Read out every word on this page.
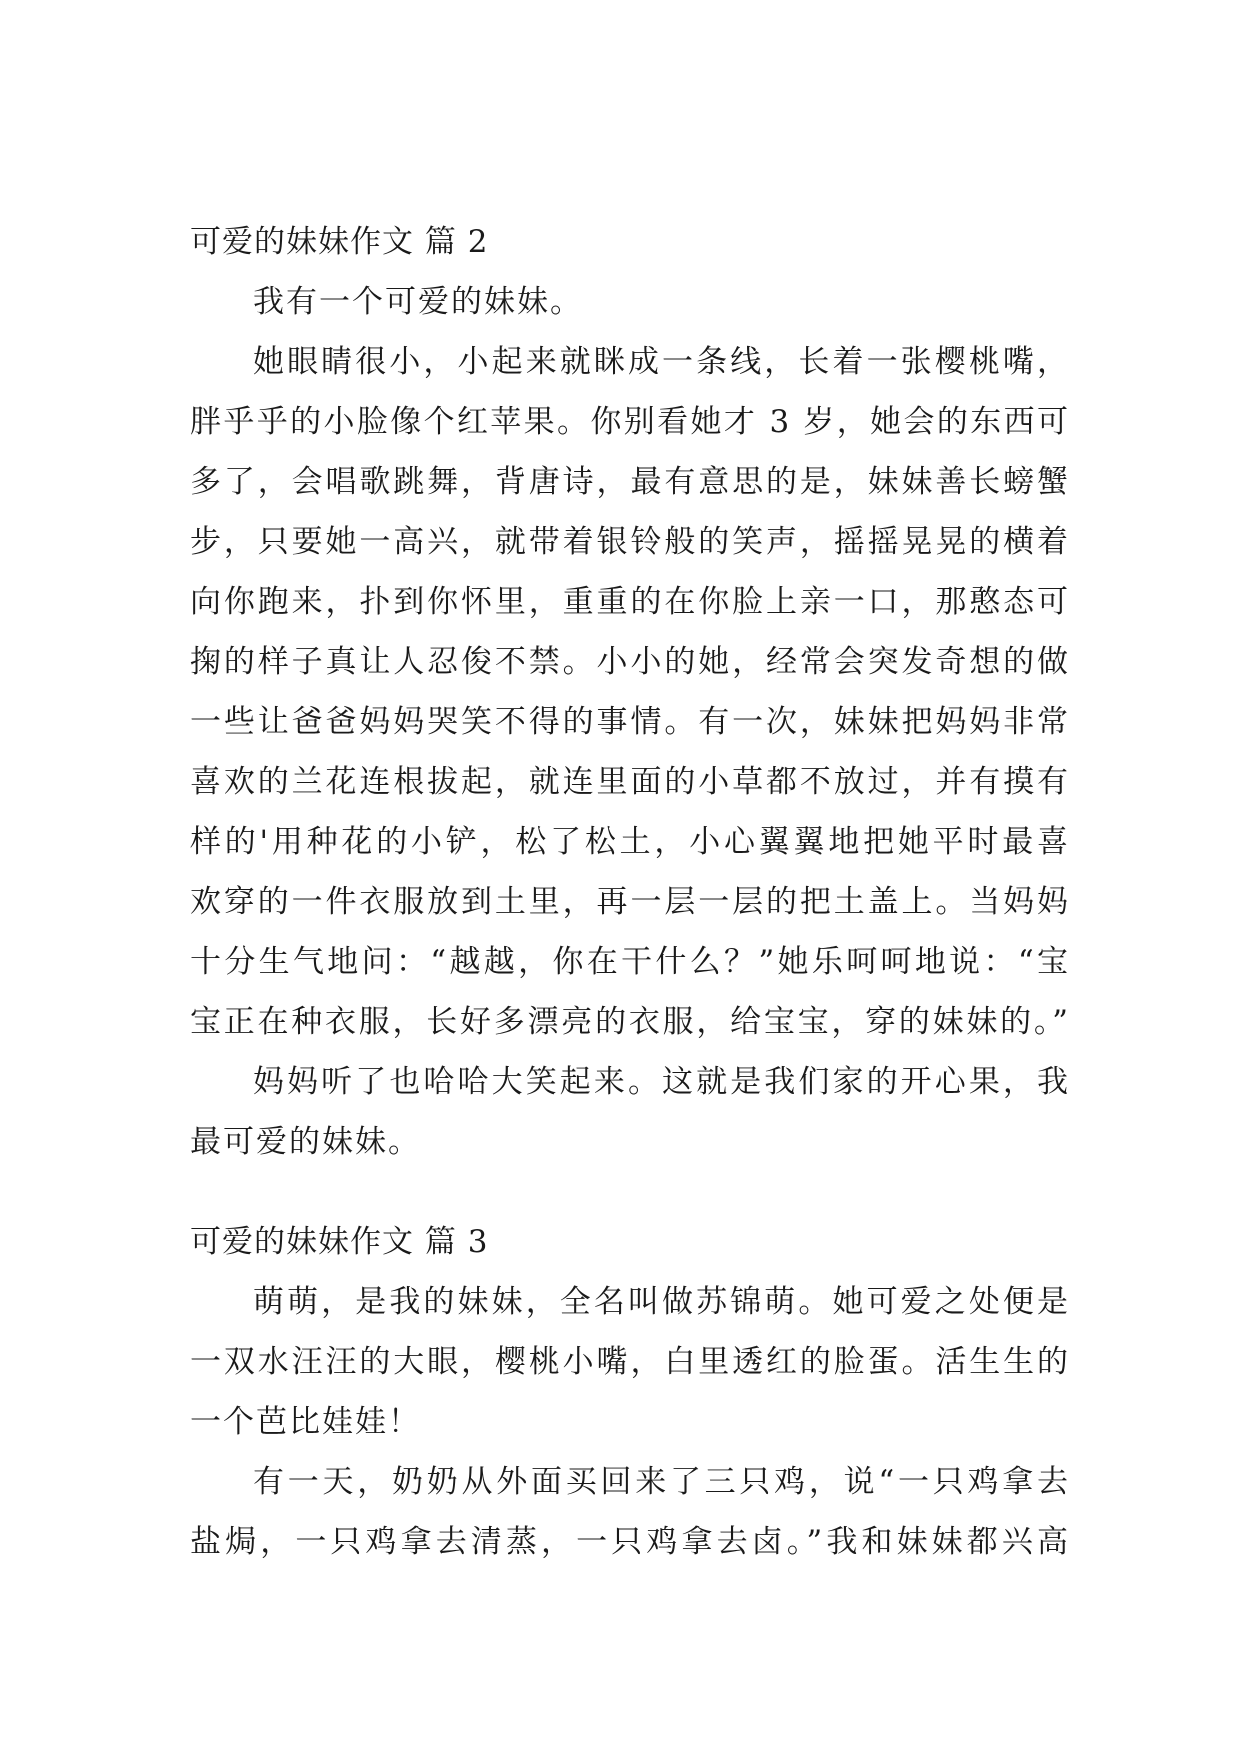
可爱的妹妹作文 篇 2
我有一个可爱的妹妹。
她眼睛很小，小起来就眯成一条线，长着一张樱桃嘴，
胖乎乎的小脸像个红苹果。你别看她才 3 岁，她会的东西可
多了，会唱歌跳舞，背唐诗，最有意思的是，妹妹善长螃蟹
步，只要她一高兴，就带着银铃般的笑声，摇摇晃晃的横着
向你跑来，扑到你怀里，重重的在你脸上亲一口，那憨态可
掬的样子真让人忍俊不禁。小小的她，经常会突发奇想的做
一些让爸爸妈妈哭笑不得的事情。有一次，妹妹把妈妈非常
喜欢的兰花连根拔起，就连里面的小草都不放过，并有摸有
样的'用种花的小铲，松了松土，小心翼翼地把她平时最喜
欢穿的一件衣服放到土里，再一层一层的把土盖上。当妈妈
十分生气地问：“越越，你在干什么？”她乐呵呵地说：“宝
宝正在种衣服，长好多漂亮的衣服，给宝宝，穿的妹妹的。”
妈妈听了也哈哈大笑起来。这就是我们家的开心果，我
最可爱的妹妹。
可爱的妹妹作文 篇 3
萌萌，是我的妹妹，全名叫做苏锦萌。她可爱之处便是
一双水汪汪的大眼，樱桃小嘴，白里透红的脸蛋。活生生的
一个芭比娃娃！
有一天，奶奶从外面买回来了三只鸡，说“一只鸡拿去
盐焗，一只鸡拿去清蒸，一只鸡拿去卤。”我和妹妹都兴高
